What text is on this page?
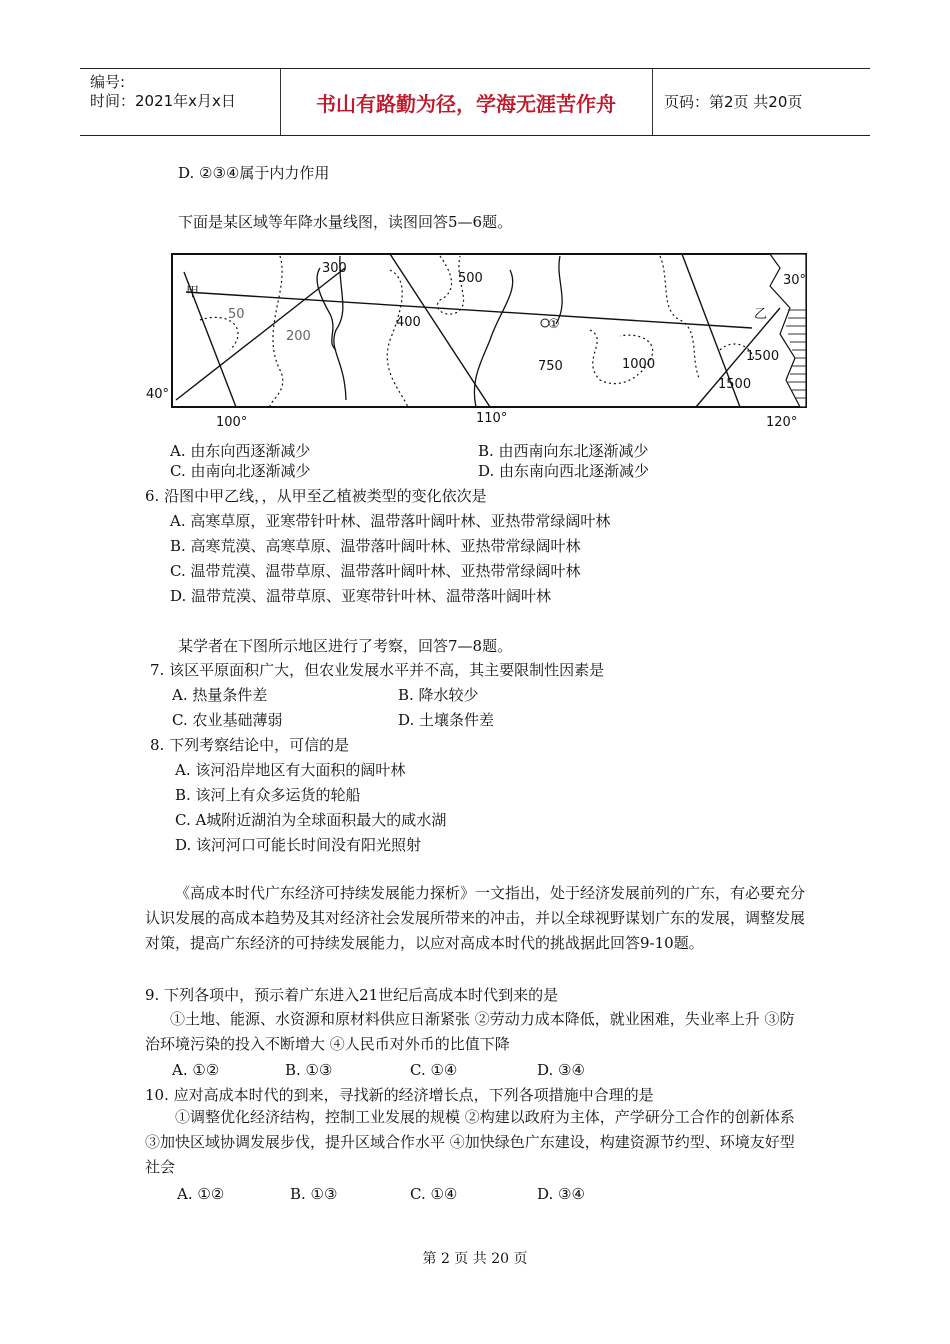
编号:
时间：2021年x月x日	书山有路勤为径，学海无涯苦作舟	页码：第2页 共20页
D. ②③④属于内力作用
下面是某区域等年降水量线图，读图回答5—6题。
甲
乙
50
200
300
400
500
750	1000
1500
1500
①
30°
40°
100°	110°	120°
A. 由东向西逐渐减少	B. 由西南向东北逐渐减少
C. 由南向北逐渐减少	D. 由东南向西北逐渐减少
6. 沿图中甲乙线，，从甲至乙植被类型的变化依次是
A. 高寒草原，亚寒带针叶林、温带落叶阔叶林、亚热带常绿阔叶林
B. 高寒荒漠、高寒草原、温带落叶阔叶林、亚热带常绿阔叶林
C. 温带荒漠、温带草原、温带落叶阔叶林、亚热带常绿阔叶林
D. 温带荒漠、温带草原、亚寒带针叶林、温带落叶阔叶林
某学者在下图所示地区进行了考察，回答7—8题。
7. 该区平原面积广大，但农业发展水平并不高，其主要限制性因素是
A. 热量条件差	B. 降水较少
C. 农业基础薄弱	D. 土壤条件差
8. 下列考察结论中，可信的是
A. 该河沿岸地区有大面积的阔叶林
B. 该河上有众多运货的轮船
C. A城附近湖泊为全球面积最大的咸水湖
D. 该河河口可能长时间没有阳光照射
《高成本时代广东经济可持续发展能力探析》一文指出，处于经济发展前列的广东，有必要充分认识发展的高成本趋势及其对经济社会发展所带来的冲击，并以全球视野谋划广东的发展，调整发展对策，提高广东经济的可持续发展能力，以应对高成本时代的挑战据此回答9-10题。
9. 下列各项中，预示着广东进入21世纪后高成本时代到来的是
①土地、能源、水资源和原材料供应日渐紧张 ②劳动力成本降低，就业困难，失业率上升 ③防治环境污染的投入不断增大 ④人民币对外币的比值下降
A. ①②	B. ①③	C. ①④	D. ③④
10. 应对高成本时代的到来，寻找新的经济增长点，下列各项措施中合理的是
①调整优化经济结构，控制工业发展的规模 ②构建以政府为主体，产学研分工合作的创新体系 ③加快区域协调发展步伐，提升区域合作水平 ④加快绿色广东建设，构建资源节约型、环境友好型社会
A. ①②	B. ①③	C. ①④	D. ③④
第 2 页 共 20 页
